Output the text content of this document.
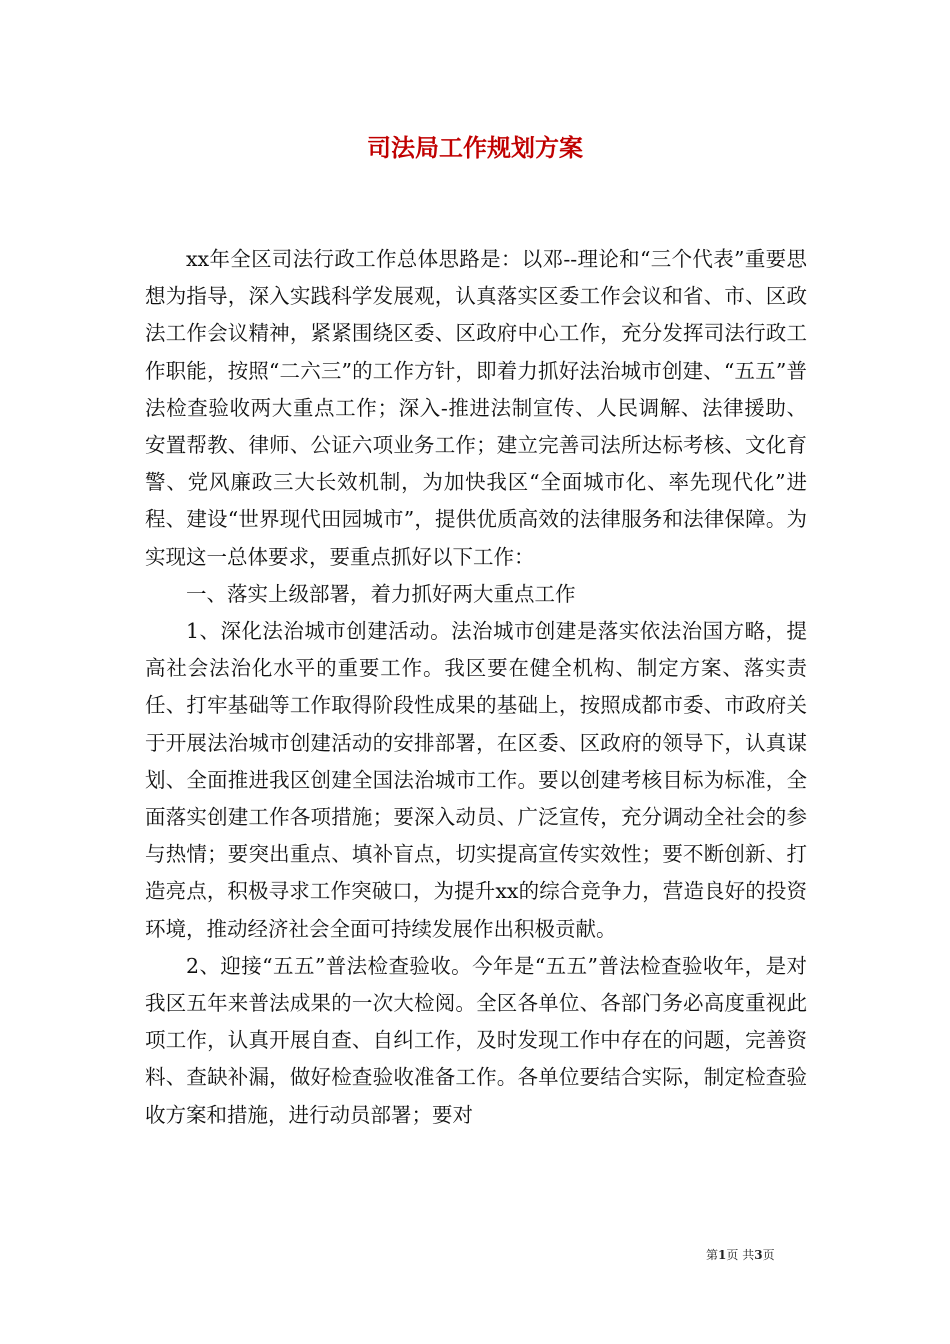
司法局工作规划方案

xx年全区司法行政工作总体思路是：以邓--理论和“三个代表”重要思想为指导，深入实践科学发展观，认真落实区委工作会议和省、市、区政法工作会议精神，紧紧围绕区委、区政府中心工作，充分发挥司法行政工作职能，按照“二六三”的工作方针，即着力抓好法治城市创建、“五五”普法检查验收两大重点工作；深入-推进法制宣传、人民调解、法律援助、安置帮教、律师、公证六项业务工作；建立完善司法所达标考核、文化育警、党风廉政三大长效机制，为加快我区“全面城市化、率先现代化”进程、建设“世界现代田园城市”，提供优质高效的法律服务和法律保障。为实现这一总体要求，要重点抓好以下工作：

一、落实上级部署，着力抓好两大重点工作

1、深化法治城市创建活动。法治城市创建是落实依法治国方略，提高社会法治化水平的重要工作。我区要在健全机构、制定方案、落实责任、打牢基础等工作取得阶段性成果的基础上，按照成都市委、市政府关于开展法治城市创建活动的安排部署，在区委、区政府的领导下，认真谋划、全面推进我区创建全国法治城市工作。要以创建考核目标为标准，全面落实创建工作各项措施；要深入动员、广泛宣传，充分调动全社会的参与热情；要突出重点、填补盲点，切实提高宣传实效性；要不断创新、打造亮点，积极寻求工作突破口，为提升xx的综合竞争力，营造良好的投资环境，推动经济社会全面可持续发展作出积极贡献。

2、迎接“五五”普法检查验收。今年是“五五”普法检查验收年，是对我区五年来普法成果的一次大检阅。全区各单位、各部门务必高度重视此项工作，认真开展自查、自纠工作，及时发现工作中存在的问题，完善资料、查缺补漏，做好检查验收准备工作。各单位要结合实际，制定检查验收方案和措施，进行动员部署；要对

第1页 共3页
